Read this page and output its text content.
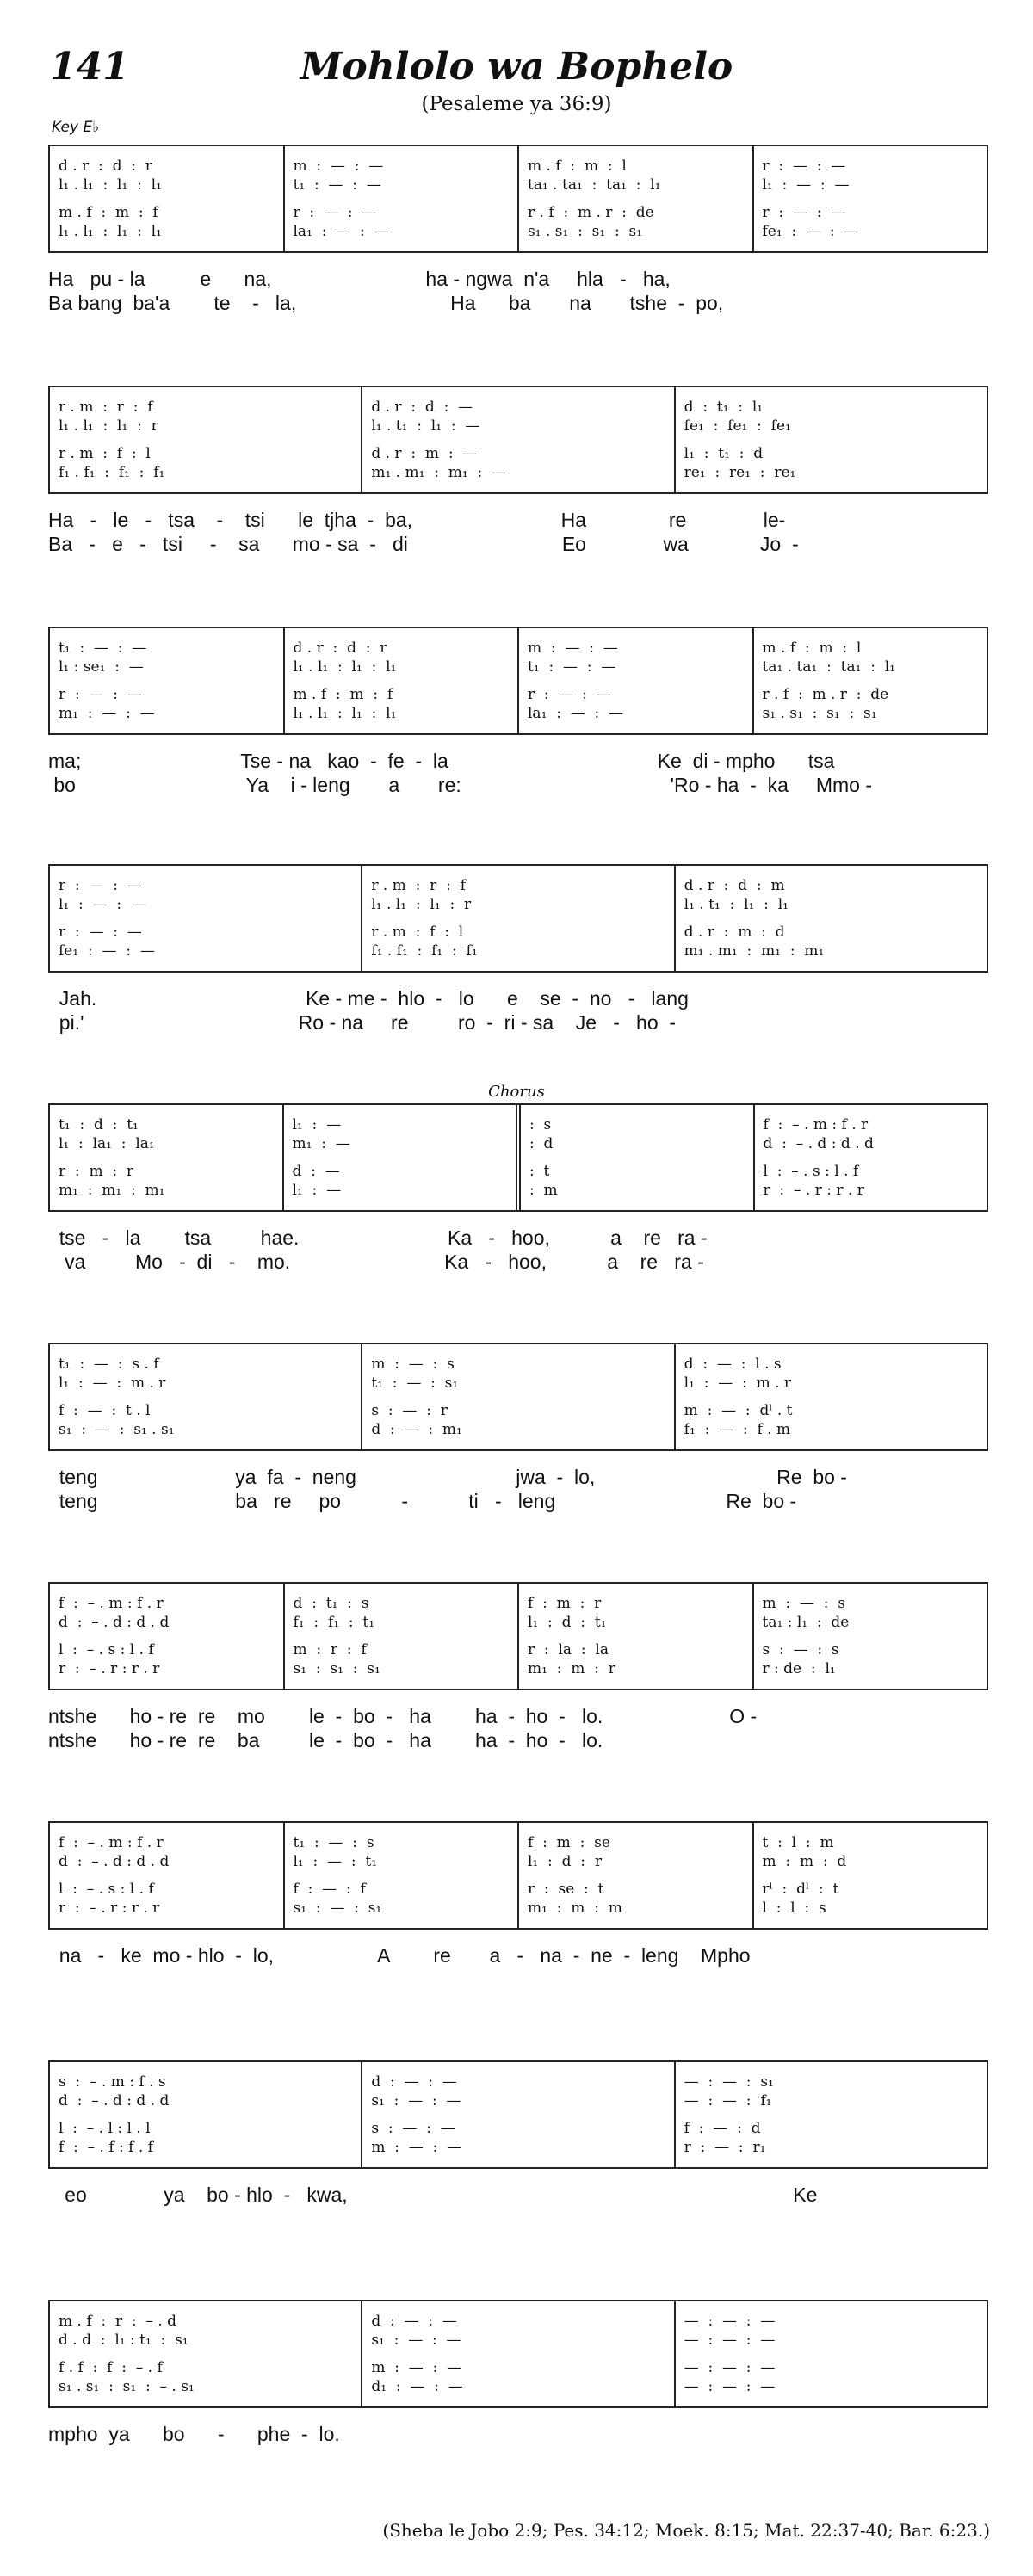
141	Mohlolo wa Bophelo
(Pesaleme ya 36:9)
Key E♭
Chorus
d . r  :  d  :  r
l₁ . l₁  :  l₁  :  l₁
m . f  :  m  :  f
l₁ . l₁  :  l₁  :  l₁
m  :  —  :  —
t₁  :  —  :  —
r  :  —  :  —
la₁  :  —  :  —
m . f  :  m  :  l
ta₁ . ta₁  :  ta₁  :  l₁
r . f  :  m . r  :  de
s₁ . s₁  :  s₁  :  s₁
r  :  —  :  —
l₁  :  —  :  —
r  :  —  :  —
fe₁  :  —  :  —
Ha   pu - la          e      na,                            ha - ngwa  n'a     hla   -   ha,
Ba bang  ba'a        te    -   la,                            Ha      ba       na       tshe  -  po,
r . m  :  r  :  f
l₁ . l₁  :  l₁  :  r
r . m  :  f  :  l
f₁ . f₁  :  f₁  :  f₁
d . r  :  d  :  —
l₁ . t₁  :  l₁  :  —
d . r  :  m  :  —
m₁ . m₁  :  m₁  :  —
d  :  t₁  :  l₁
fe₁  :  fe₁  :  fe₁
l₁  :  t₁  :  d
re₁  :  re₁  :  re₁
Ha   -   le   -   tsa    -    tsi      le  tjha  -  ba,                           Ha               re              le-
Ba   -   e   -   tsi     -    sa      mo - sa  -   di                            Eo              wa             Jo  -
t₁  :  —  :  —
l₁ : se₁  :  —
r  :  —  :  —
m₁  :  —  :  —
d . r  :  d  :  r
l₁ . l₁  :  l₁  :  l₁
m . f  :  m  :  f
l₁ . l₁  :  l₁  :  l₁
m  :  —  :  —
t₁  :  —  :  —
r  :  —  :  —
la₁  :  —  :  —
m . f  :  m  :  l
ta₁ . ta₁  :  ta₁  :  l₁
r . f  :  m . r  :  de
s₁ . s₁  :  s₁  :  s₁
ma;                             Tse - na   kao  -  fe  -  la                                      Ke  di - mpho      tsa
bo                               Ya    i - leng       a       re:                                      'Ro - ha  -  ka     Mmo -
r  :  —  :  —
l₁  :  —  :  —
r  :  —  :  —
fe₁  :  —  :  —
r . m  :  r  :  f
l₁ . l₁  :  l₁  :  r
r . m  :  f  :  l
f₁ . f₁  :  f₁  :  f₁
d . r  :  d  :  m
l₁ . t₁  :  l₁  :  l₁
d . r  :  m  :  d
m₁ . m₁  :  m₁  :  m₁
Jah.                                      Ke - me -  hlo  -   lo      e    se  -  no   -   lang
pi.'                                       Ro - na     re         ro  -  ri - sa    Je   -   ho  -
t₁  :  d  :  t₁
l₁  :  la₁  :  la₁
r  :  m  :  r
m₁  :  m₁  :  m₁
l₁  :  —
m₁  :  —
d  :  —
l₁  :  —
:  s
:  d
:  t
:  m
f  :  – . m : f . r
d  :  – . d : d . d
l  :  – . s : l . f
r  :  – . r : r . r
tse   -   la        tsa         hae.                           Ka   -   hoo,           a    re   ra -
va         Mo   -  di   -    mo.                            Ka   -   hoo,           a    re   ra -
t₁  :  —  :  s . f
l₁  :  —  :  m . r
f  :  —  :  t . l
s₁  :  —  :  s₁ . s₁
m  :  —  :  s
t₁  :  —  :  s₁
s  :  —  :  r
d  :  —  :  m₁
d  :  —  :  l . s
l₁  :  —  :  m . r
m  :  —  :  dˡ . t
f₁  :  —  :  f . m
teng                         ya  fa  -  neng                             jwa  -  lo,                                 Re  bo -
teng                         ba   re     po           -           ti   -   leng                               Re  bo -
f  :  – . m : f . r
d  :  – . d : d . d
l  :  – . s : l . f
r  :  – . r : r . r
d  :  t₁  :  s
f₁  :  f₁  :  t₁
m  :  r  :  f
s₁  :  s₁  :  s₁
f  :  m  :  r
l₁  :  d  :  t₁
r  :  la  :  la
m₁  :  m  :  r
m  :  —  :  s
ta₁ : l₁  :  de
s  :  —  :  s
r : de  :  l₁
ntshe      ho - re  re    mo        le  -  bo  -   ha        ha  -  ho  -   lo.                       O -
ntshe      ho - re  re    ba         le  -  bo  -   ha        ha  -  ho  -   lo.
f  :  – . m : f . r
d  :  – . d : d . d
l  :  – . s : l . f
r  :  – . r : r . r
t₁  :  —  :  s
l₁  :  —  :  t₁
f  :  —  :  f
s₁  :  —  :  s₁
f  :  m  :  se
l₁  :  d  :  r
r  :  se  :  t
m₁  :  m  :  m
t  :  l  :  m
m  :  m  :  d
rˡ  :  dˡ  :  t
l  :  l  :  s
na   -   ke  mo - hlo  -  lo,                   A        re       a   -   na  -  ne  -  leng    Mpho
s  :  – . m : f . s
d  :  – . d : d . d
l  :  – . l : l . l
f  :  – . f : f . f
d  :  —  :  —
s₁  :  —  :  —
s  :  —  :  —
m  :  —  :  —
—  :  —  :  s₁
—  :  —  :  f₁
f  :  —  :  d
r  :  —  :  r₁
eo              ya    bo - hlo  -   kwa,                                                                                 Ke
m . f  :  r  :  – . d
d . d  :  l₁ : t₁  :  s₁
f . f  :  f  :  – . f
s₁ . s₁  :  s₁  :  – . s₁
d  :  —  :  —
s₁  :  —  :  —
m  :  —  :  —
d₁  :  —  :  —
—  :  —  :  —
—  :  —  :  —
—  :  —  :  —
—  :  —  :  —
mpho  ya      bo      -      phe  -  lo.
(Sheba le Jobo 2:9; Pes. 34:12; Moek. 8:15; Mat. 22:37-40; Bar. 6:23.)
